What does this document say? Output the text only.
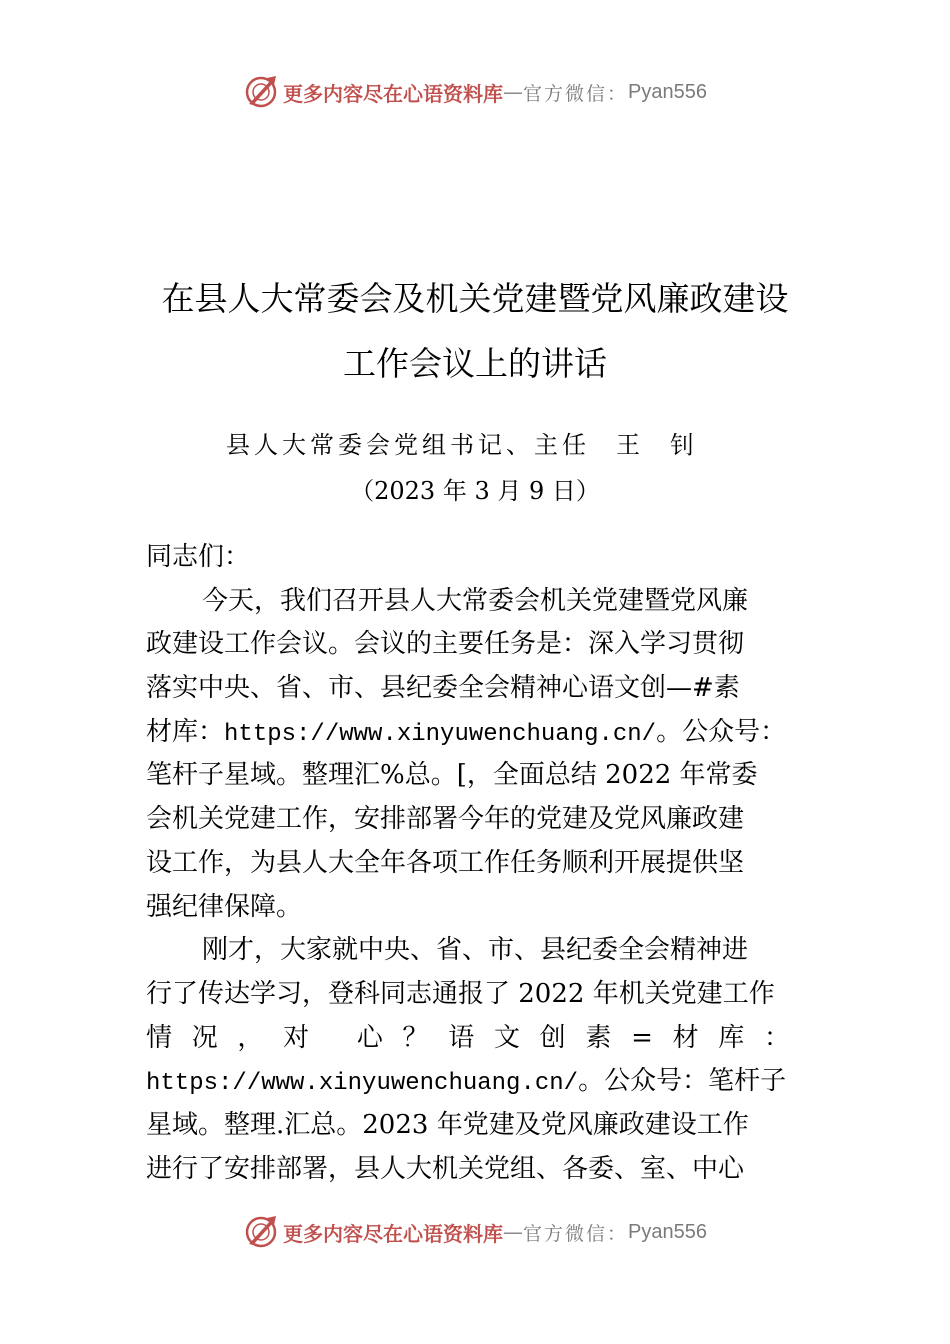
更多内容尽在心语资料库 — 官方微信： Pyan556
在县人大常委会及机关党建暨党风廉政建设
工作会议上的讲话
县人大常委会党组书记、主任 王钊
（2023 年 3 月 9 日）
同志们：
今天，我们召开县人大常委会机关党建暨党风廉
政建设工作会议。会议的主要任务是：深入学习贯彻
落实中央、省、市、县纪委全会精神心语文创—#素
材库：https://www.xinyuwenchuang.cn/。公众号：
笔杆子星域。整理汇%总。[，全面总结 2022 年常委
会机关党建工作，安排部署今年的党建及党风廉政建
设工作，为县人大全年各项工作任务顺利开展提供坚
强纪律保障。
刚才，大家就中央、省、市、县纪委全会精神进
行了传达学习，登科同志通报了 2022 年机关党建工作
情况，对 心？语文创素=材库：
https://www.xinyuwenchuang.cn/。公众号：笔杆子
星域。整理.汇总。2023 年党建及党风廉政建设工作
进行了安排部署，县人大机关党组、各委、室、中心
更多内容尽在心语资料库 — 官方微信： Pyan556
